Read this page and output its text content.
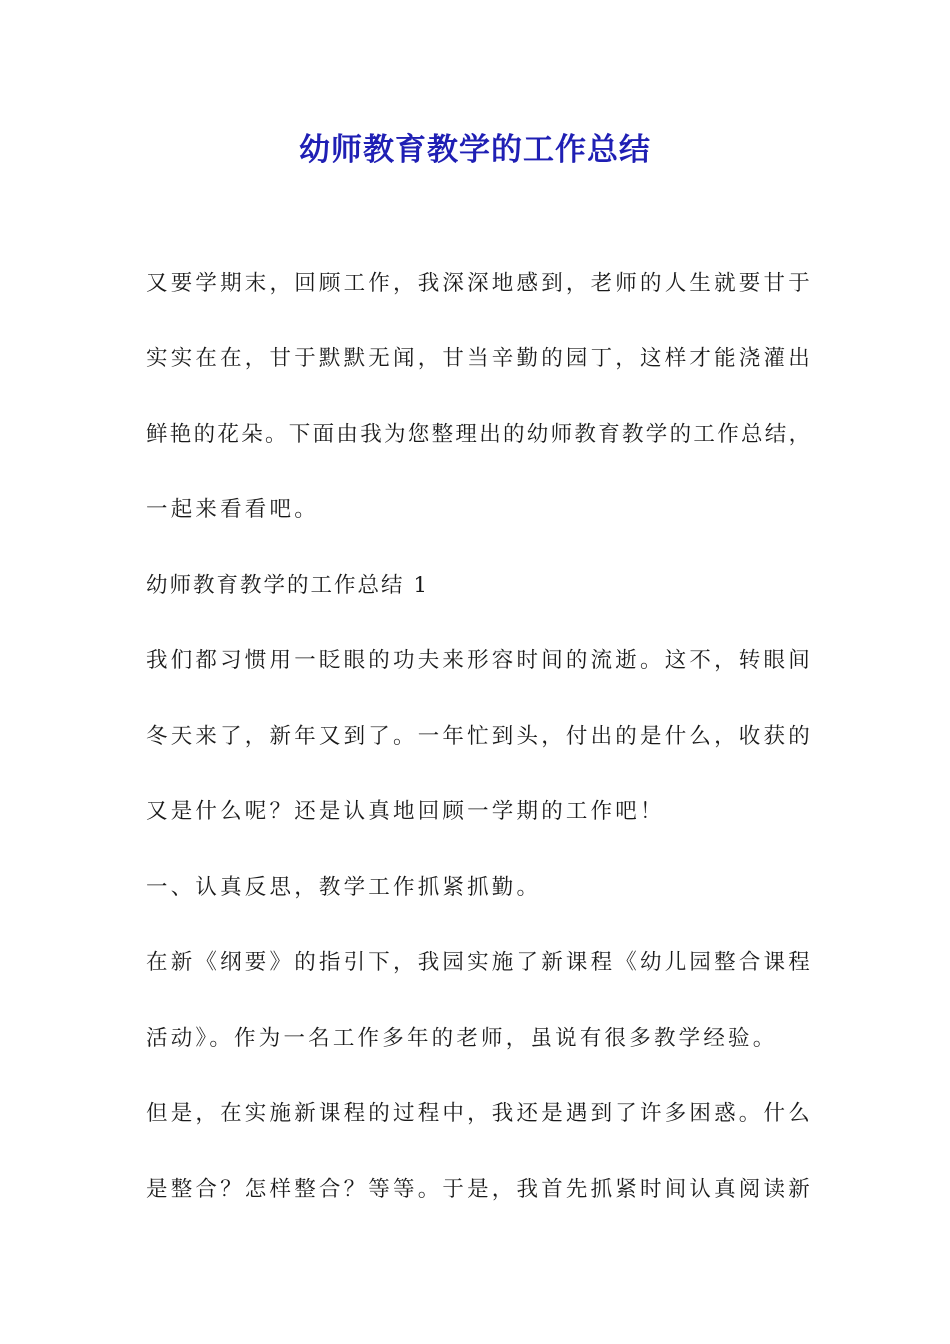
幼师教育教学的工作总结
又要学期末，回顾工作，我深深地感到，老师的人生就要甘于
实实在在，甘于默默无闻，甘当辛勤的园丁，这样才能浇灌出
鲜艳的花朵。下面由我为您整理出的幼师教育教学的工作总结，
一起来看看吧。
幼师教育教学的工作总结 1
我们都习惯用一眨眼的功夫来形容时间的流逝。这不，转眼间
冬天来了，新年又到了。一年忙到头，付出的是什么，收获的
又是什么呢？还是认真地回顾一学期的工作吧！
一、认真反思，教学工作抓紧抓勤。
在新《纲要》的指引下，我园实施了新课程《幼儿园整合课程
活动》。作为一名工作多年的老师，虽说有很多教学经验。
但是，在实施新课程的过程中，我还是遇到了许多困惑。什么
是整合？怎样整合？等等。于是，我首先抓紧时间认真阅读新
